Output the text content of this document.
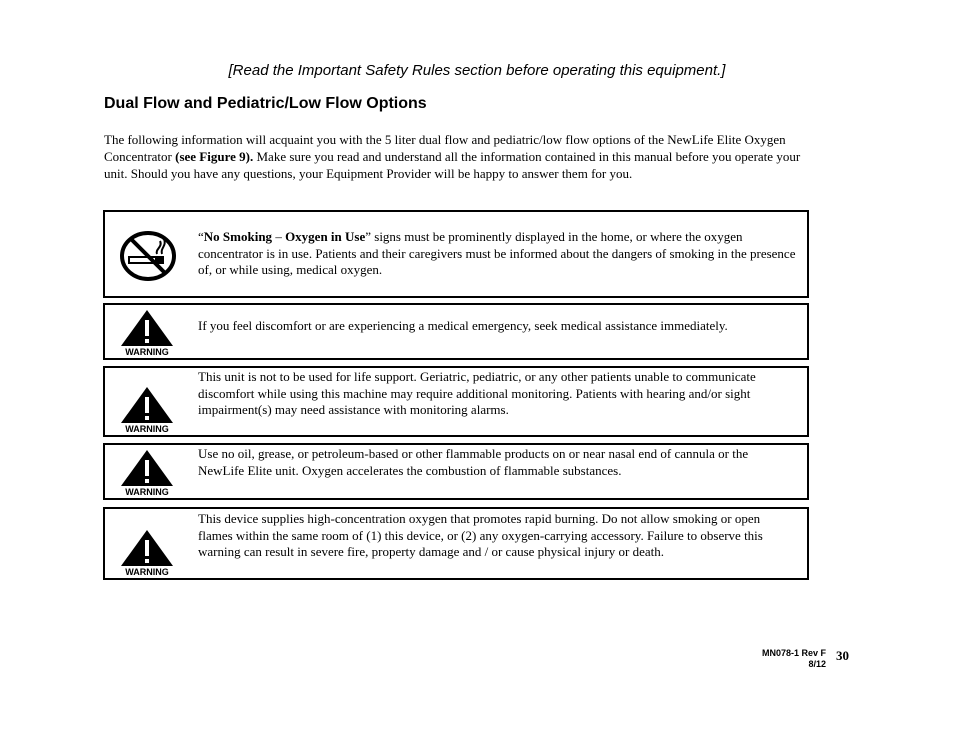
[Read the Important Safety Rules section before operating this equipment.]
Dual Flow and Pediatric/Low Flow Options
The following information will acquaint you with the 5 liter dual flow and pediatric/low flow options of the NewLife Elite Oxygen Concentrator (see Figure 9). Make sure you read and understand all the information contained in this manual before you operate your unit. Should you have any questions, your Equipment Provider will be happy to answer them for you.
“No Smoking – Oxygen in Use” signs must be prominently displayed in the home, or where the oxygen concentrator is in use. Patients and their caregivers must be informed about the dangers of smoking in the presence of, or while using, medical oxygen.
WARNING
If you feel discomfort or are experiencing a medical emergency, seek medical assistance immediately.
WARNING
This unit is not to be used for life support. Geriatric, pediatric, or any other patients unable to communicate discomfort while using this machine may require additional monitoring. Patients with hearing and/or sight impairment(s) may need assistance with monitoring alarms.
WARNING
Use no oil, grease, or petroleum-based or other flammable products on or near nasal end of cannula or the NewLife Elite unit. Oxygen accelerates the combustion of flammable substances.
WARNING
This device supplies high-concentration oxygen that promotes rapid burning. Do not allow smoking or open flames within the same room of (1) this device, or (2) any oxygen-carrying accessory. Failure to observe this warning can result in severe fire, property damage and / or cause physical injury or death.
MN078-1 Rev F
8/12
30
